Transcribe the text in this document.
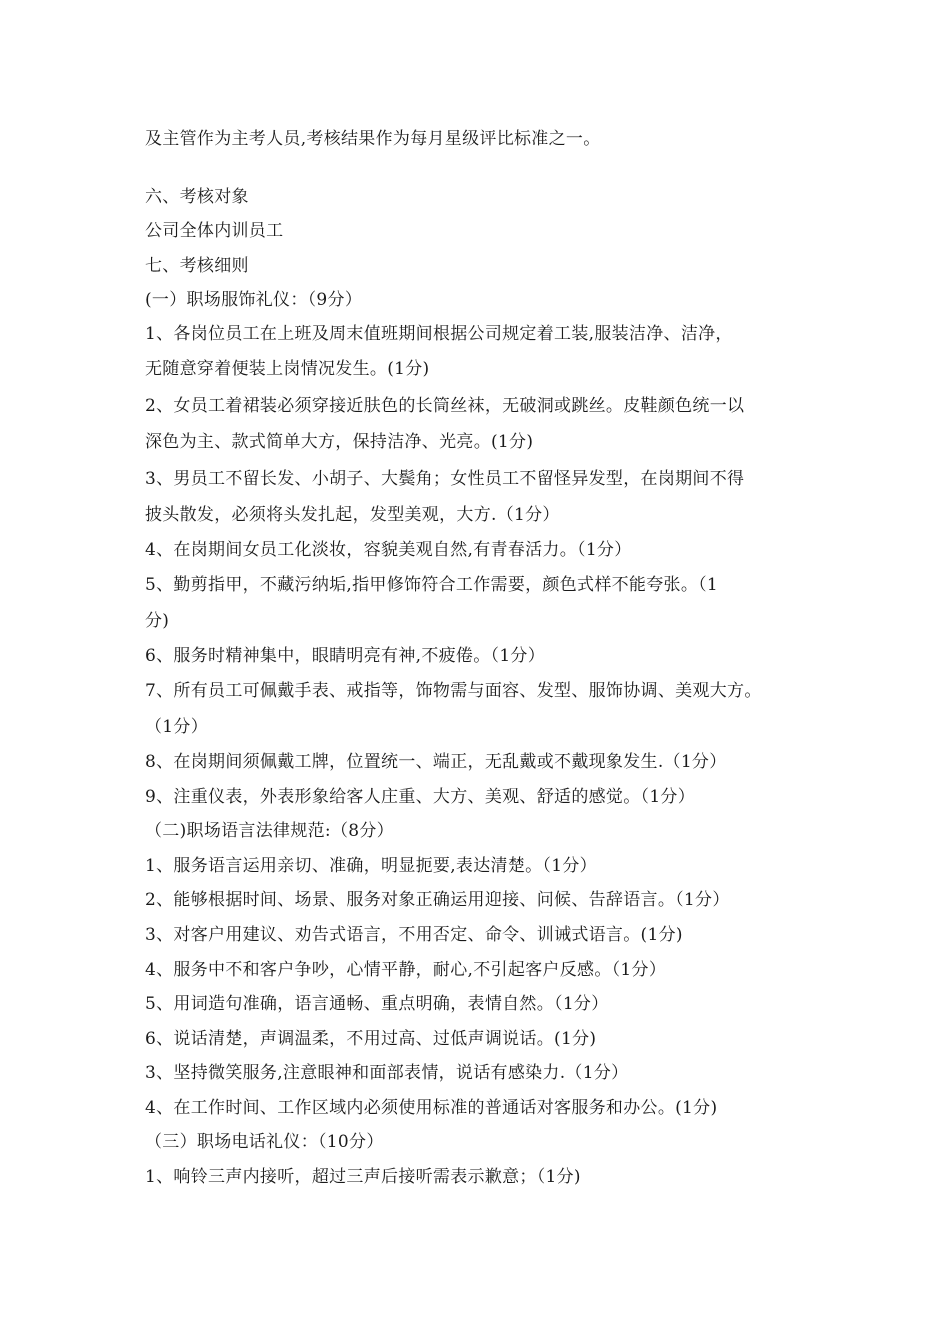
及主管作为主考人员,考核结果作为每月星级评比标准之一。
六、考核对象
公司全体内训员工
七、考核细则
(一）职场服饰礼仪：（9分）
1、各岗位员工在上班及周末值班期间根据公司规定着工装,服装洁净、洁净，
无随意穿着便装上岗情况发生。(1分)
2、女员工着裙装必须穿接近肤色的长筒丝袜，无破洞或跳丝。皮鞋颜色统一以
深色为主、款式简单大方，保持洁净、光亮。(1分)
3、男员工不留长发、小胡子、大鬓角；女性员工不留怪异发型，在岗期间不得
披头散发，必须将头发扎起，发型美观，大方.（1分）
4、在岗期间女员工化淡妆，容貌美观自然,有青春活力。（1分）
5、勤剪指甲，不藏污纳垢,指甲修饰符合工作需要，颜色式样不能夸张。（1
分)
6、服务时精神集中，眼睛明亮有神,不疲倦。（1分）
7、所有员工可佩戴手表、戒指等，饰物需与面容、发型、服饰协调、美观大方。
（1分）
8、在岗期间须佩戴工牌，位置统一、端正，无乱戴或不戴现象发生.（1分）
9、注重仪表，外表形象给客人庄重、大方、美观、舒适的感觉。（1分）
（二)职场语言法律规范:（8分）
1、服务语言运用亲切、准确，明显扼要,表达清楚。（1分）
2、能够根据时间、场景、服务对象正确运用迎接、问候、告辞语言。（1分）
3、对客户用建议、劝告式语言，不用否定、命令、训诫式语言。(1分)
4、服务中不和客户争吵，心情平静，耐心,不引起客户反感。（1分）
5、用词造句准确，语言通畅、重点明确，表情自然。（1分）
6、说话清楚，声调温柔，不用过高、过低声调说话。(1分)
3、坚持微笑服务,注意眼神和面部表情，说话有感染力.（1分）
4、在工作时间、工作区域内必须使用标准的普通话对客服务和办公。(1分)
（三）职场电话礼仪：（10分）
1、响铃三声内接听，超过三声后接听需表示歉意；（1分)
